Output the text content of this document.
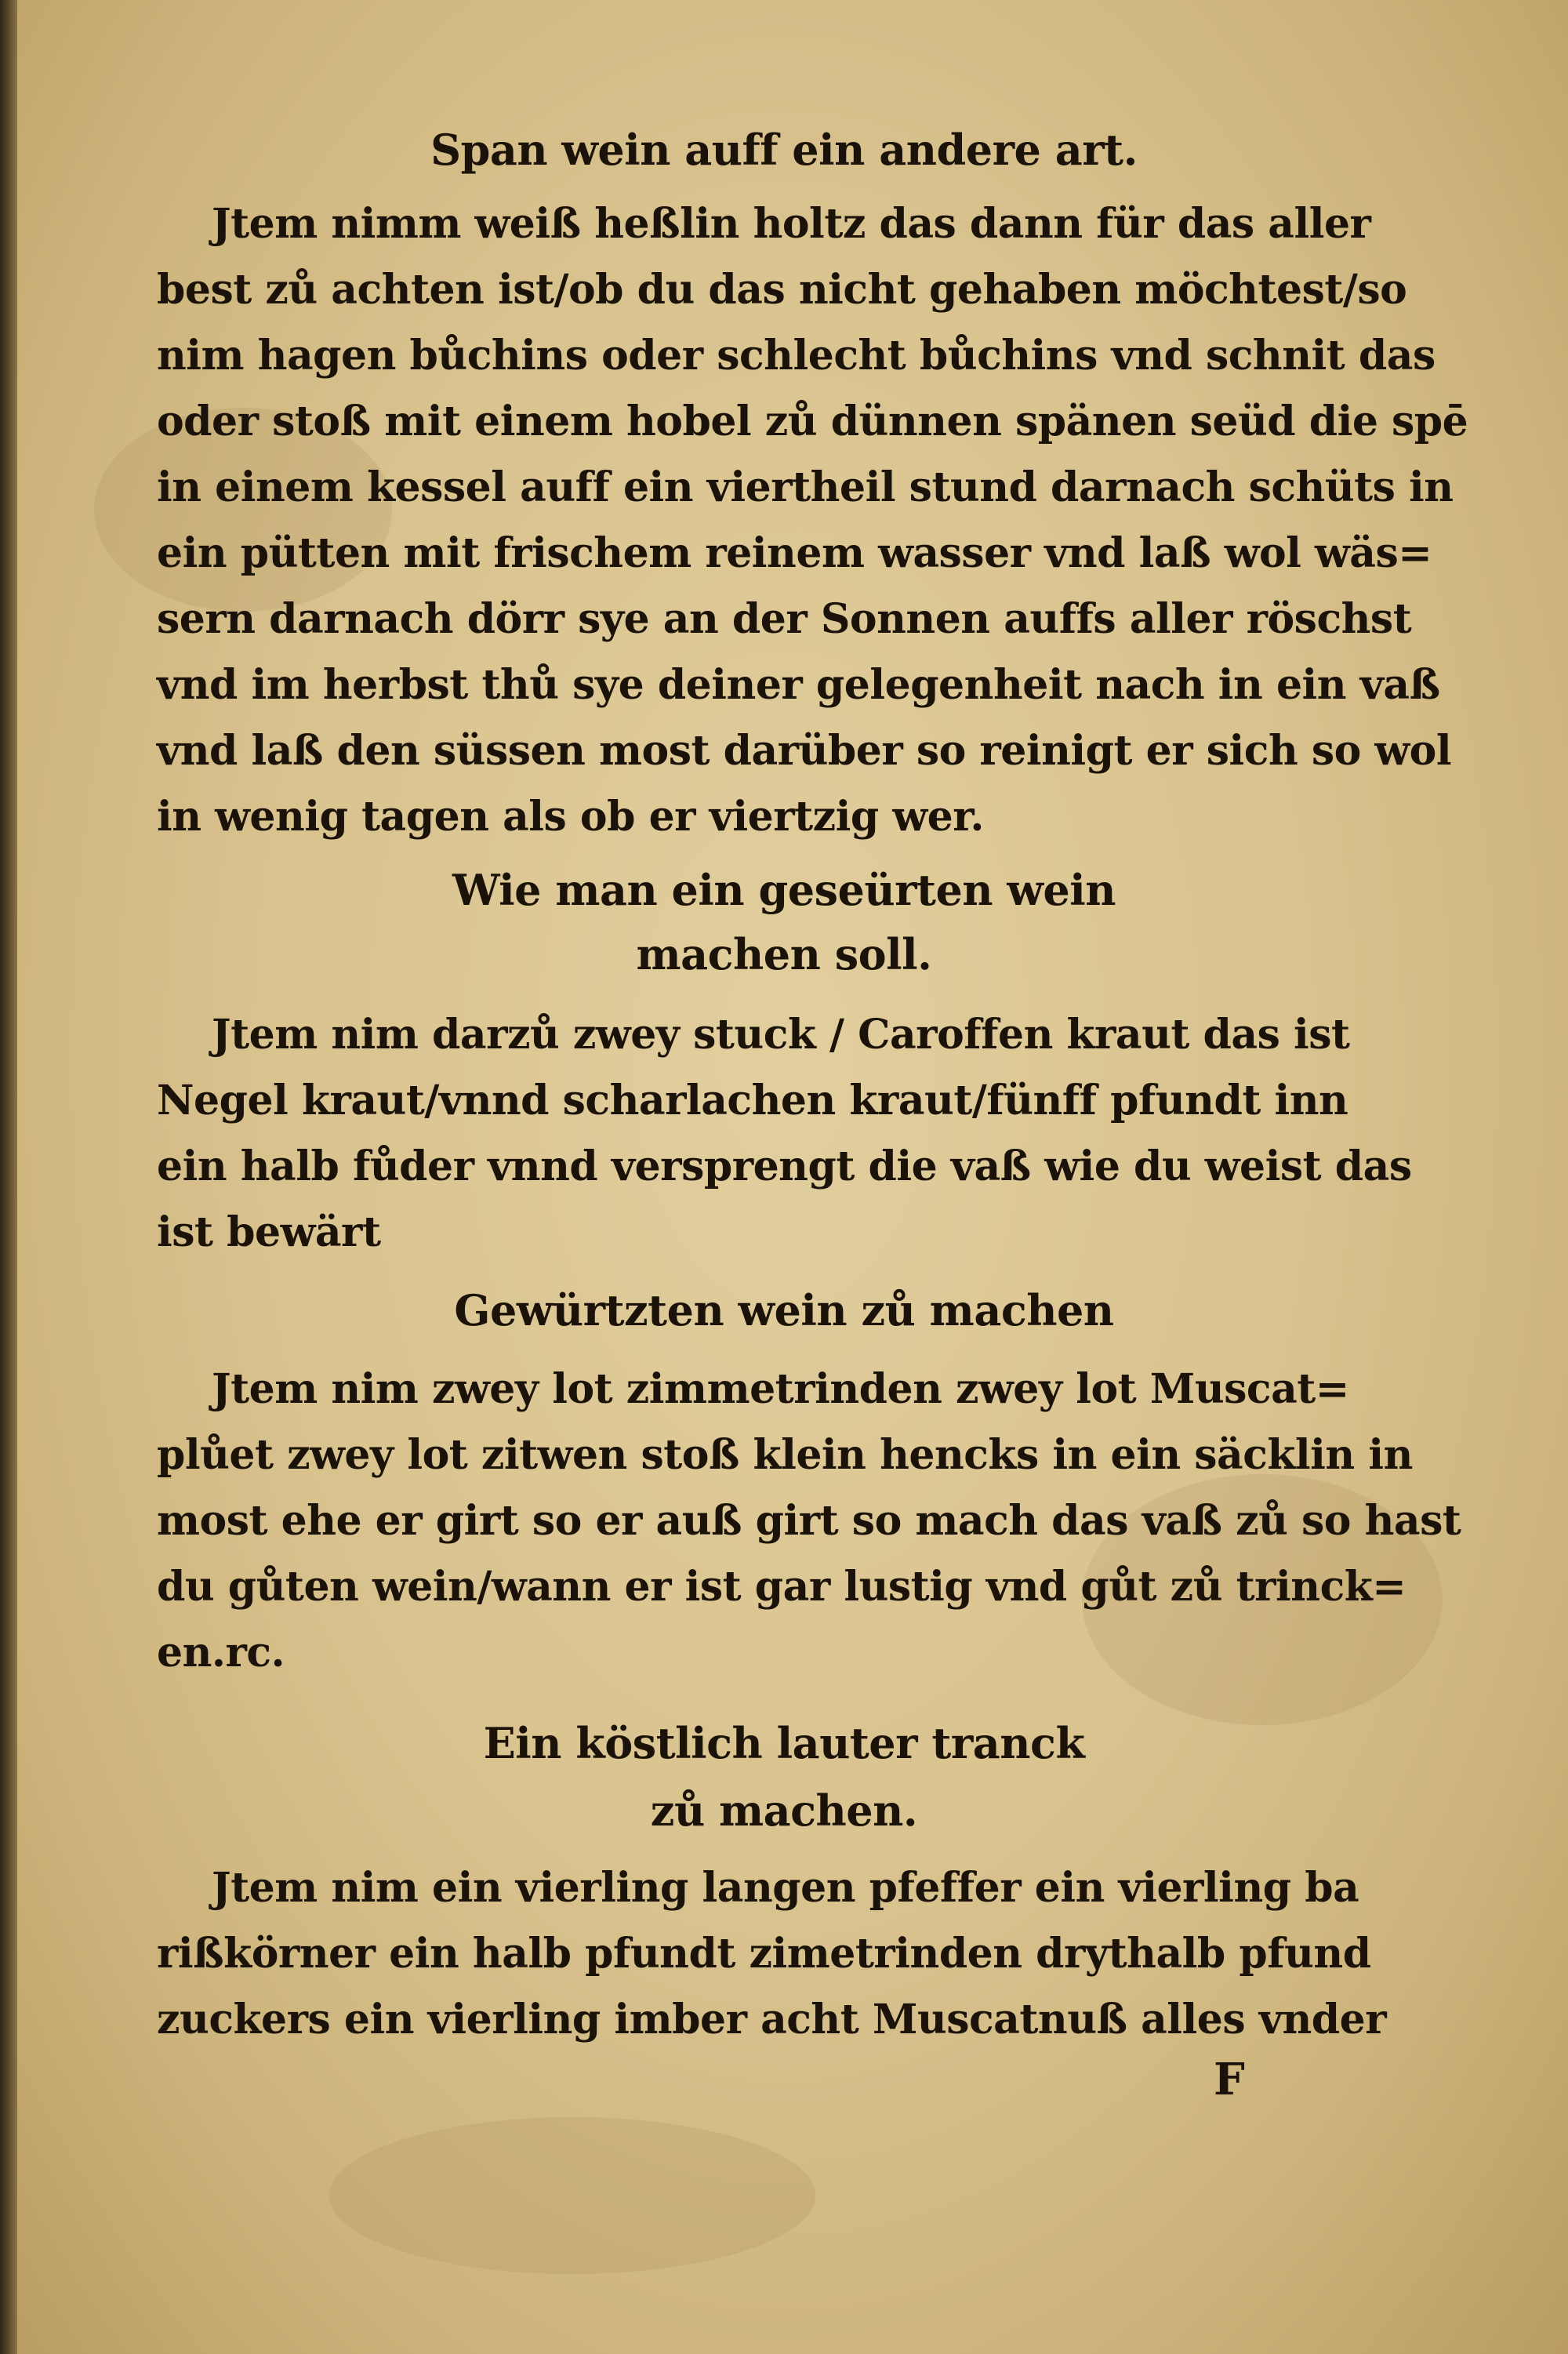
Span wein auff ein andere art.
Jtem nimm weiß heßlin holtz das dann für das aller
best zů achten ist/ob du das nicht gehaben möchtest/so
nim hagen bůchins oder schlecht bůchins vnd schnit das
oder stoß mit einem hobel zů dünnen spänen seüd die spē
in einem kessel auff ein viertheil stund darnach schüts in
ein pütten mit frischem reinem wasser vnd laß wol wäs=
sern darnach dörr sye an der Sonnen auffs aller röschst
vnd im herbst thů sye deiner gelegenheit nach in ein vaß
vnd laß den süssen most darüber so reinigt er sich so wol
in wenig tagen als ob er viertzig wer.
Wie man ein geseürten wein
machen soll.
Jtem nim darzů zwey stuck / Caroffen kraut das ist
Negel kraut/vnnd scharlachen kraut/fünff pfundt inn
ein halb fůder vnnd versprengt die vaß wie du weist das
ist bewärt
Gewürtzten wein zů machen
Jtem nim zwey lot zimmetrinden zwey lot Muscat=
plůet zwey lot zitwen stoß klein hencks in ein säcklin in
most ehe er girt so er auß girt so mach das vaß zů so hast
du gůten wein/wann er ist gar lustig vnd gůt zů trinck=
en.rc.
Ein köstlich lauter tranck
zů machen.
Jtem nim ein vierling langen pfeffer ein vierling ba
rißkörner ein halb pfundt zimetrinden drythalb pfund
zuckers ein vierling imber acht Muscatnuß alles vnder
F
